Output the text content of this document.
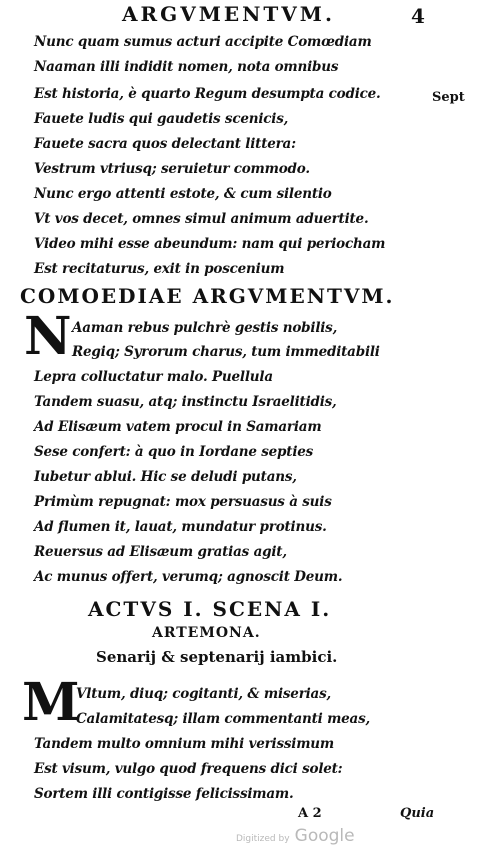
ARGVMENTVM.	4
Nunc quam sumus acturi accipite Comœdiam
Naaman illi indidit nomen, nota omnibus
Est historia, è quarto Regum desumpta codice.
Fauete ludis qui gaudetis scenicis,
Fauete sacra quos delectant littera:
Vestrum vtriusq; seruietur commodo.
Nunc ergo attenti estote, & cum silentio
Vt vos decet, omnes simul animum aduertite.
Video mihi esse abeundum: nam qui periocham
Est recitaturus, exit in poscenium
Sept
COMOEDIAE ARGVMENTVM.
N Aaman rebus pulchrè gestis nobilis,
Regiq; Syrorum charus, tum immeditabili
Lepra colluctatur malo. Puellula
Tandem suasu, atq; instinctu Israelitidis,
Ad Elisæum vatem procul in Samariam
Sese confert: à quo in Iordane septies
Iubetur ablui. Hic se deludi putans,
Primùm repugnat: mox persuasus à suis
Ad flumen it, lauat, mundatur protinus.
Reuersus ad Elisæum gratias agit,
Ac munus offert, verumq; agnoscit Deum.
ACTVS I. SCENA I.
ARTEMONA.
Senarij & septenarij iambici.
M
Vltum, diuq; cogitanti, & miserias,
Calamitatesq; illam commentanti meas,
Tandem multo omnium mihi verissimum
Est visum, vulgo quod frequens dici solet:
Sortem illi contigisse felicissimam.
A 2	Quia
Digitized by Google
